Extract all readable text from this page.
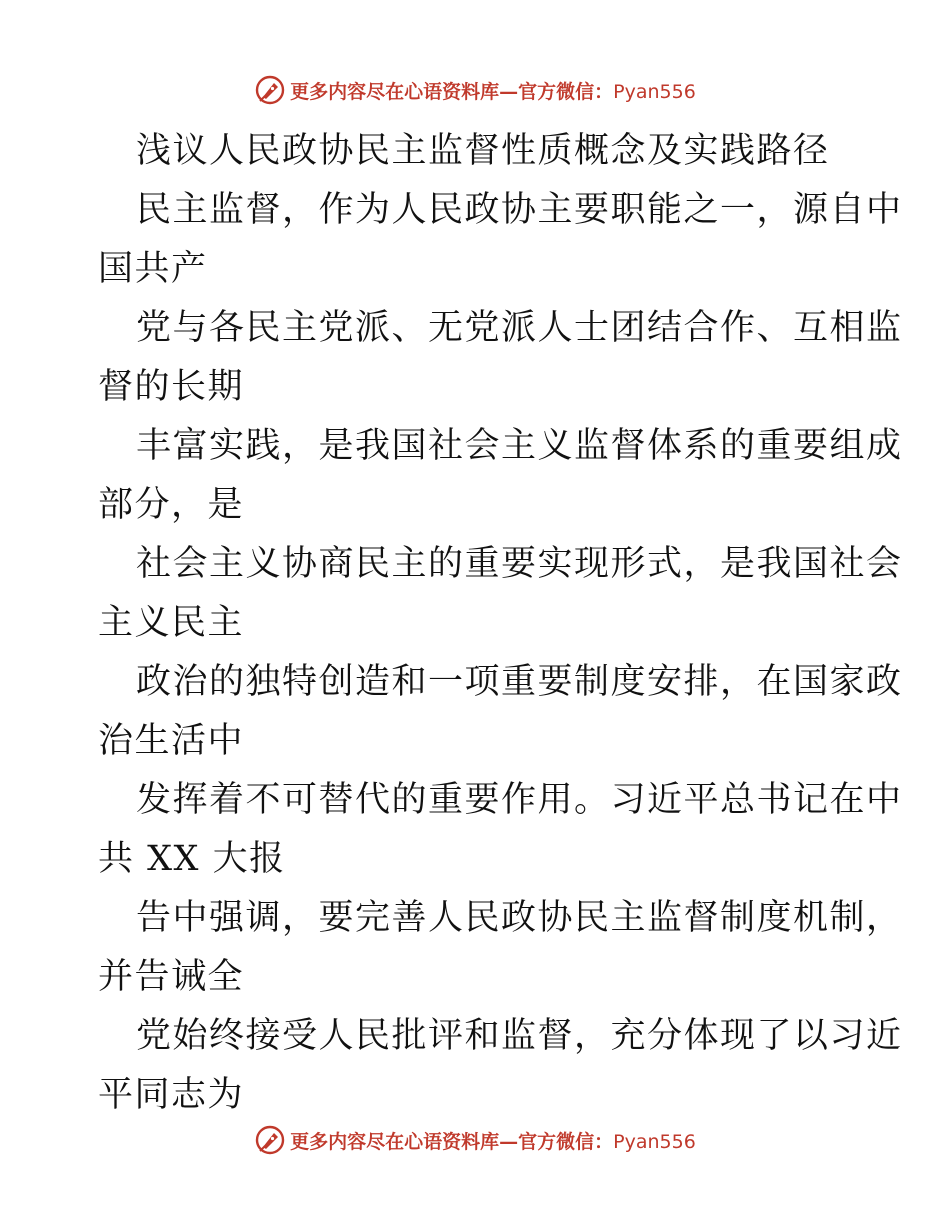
更多内容尽在心语资料库—官方微信：Pyan556
浅议人民政协民主监督性质概念及实践路径
民主监督，作为人民政协主要职能之一，源自中
国共产
党与各民主党派、无党派人士团结合作、互相监
督的长期
丰富实践，是我国社会主义监督体系的重要组成
部分，是
社会主义协商民主的重要实现形式，是我国社会
主义民主
政治的独特创造和一项重要制度安排，在国家政
治生活中
发挥着不可替代的重要作用。习近平总书记在中
共 XX 大报
告中强调，要完善人民政协民主监督制度机制，
并告诫全
党始终接受人民批评和监督，充分体现了以习近
平同志为
更多内容尽在心语资料库—官方微信：Pyan556
